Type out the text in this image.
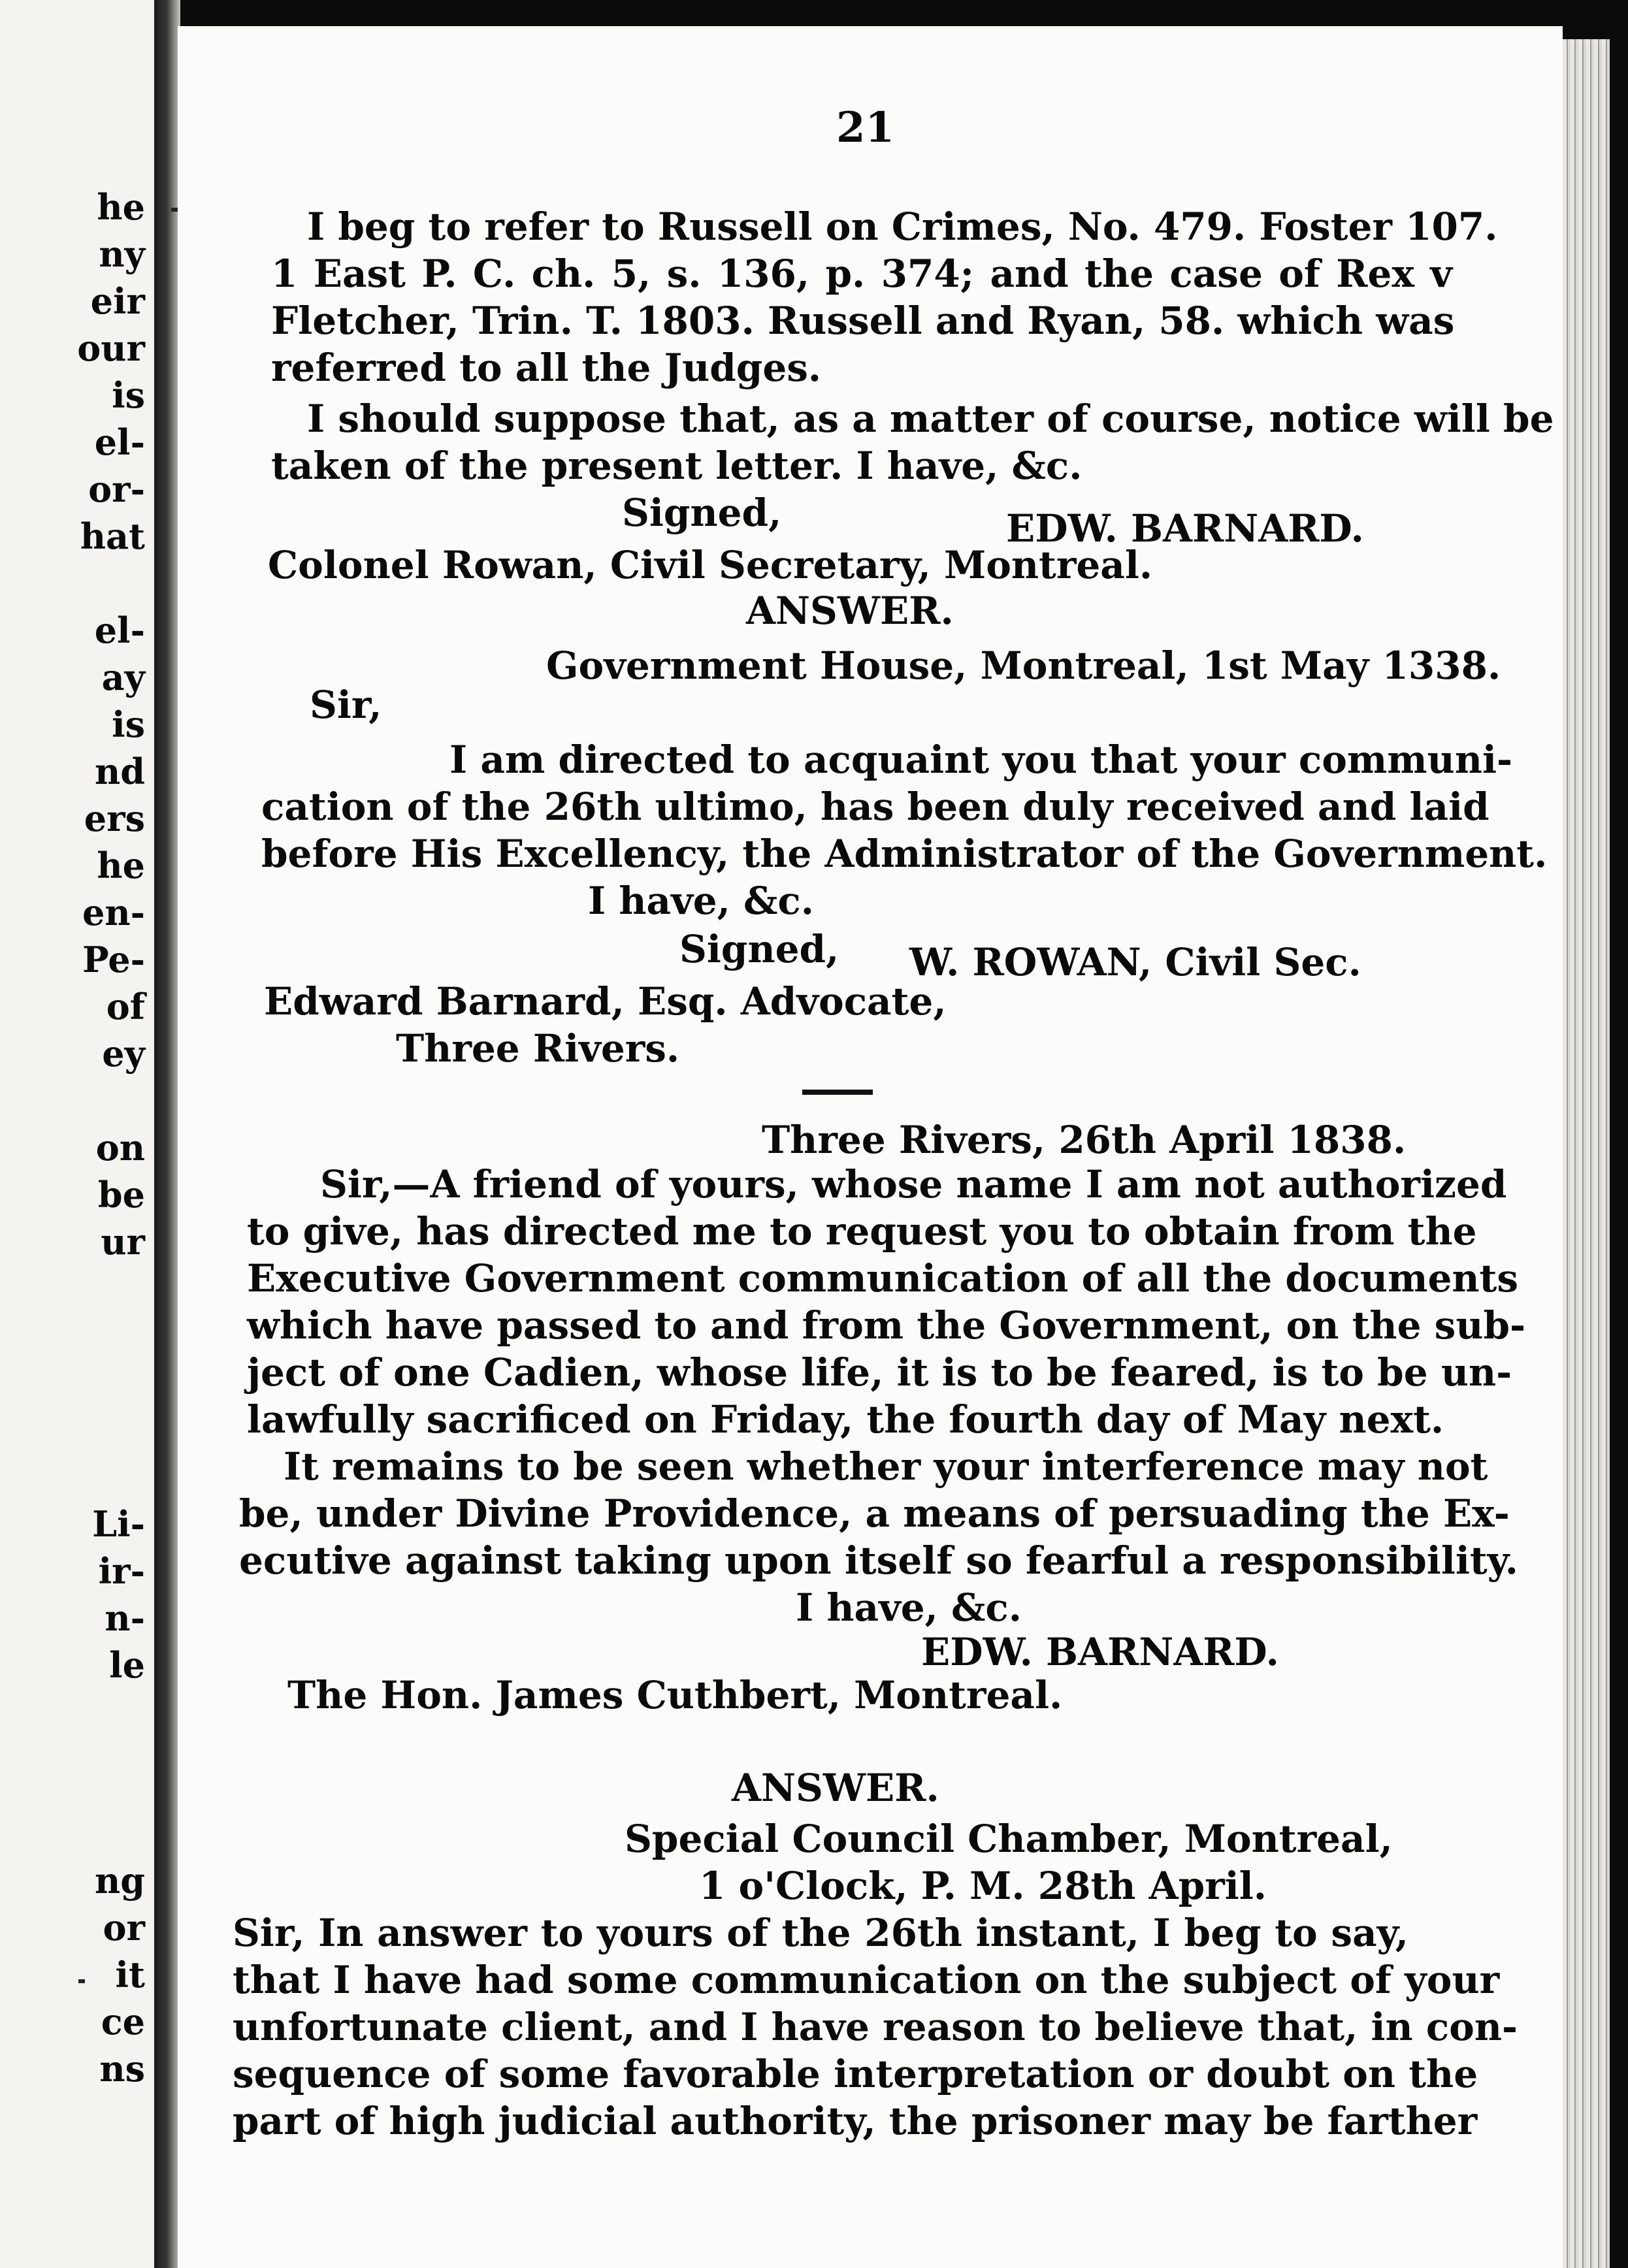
he

ny

eir

our

is

el-

or-

hat

el-

ay

is

nd

ers

he

en-

Pe-

of

ey

on

be

ur

Li-

ir-

n-

le

ng

or

it

ce

ns

21

I beg to refer to Russell on Crimes, No. 479. Foster 107.

1 East P. C. ch. 5, s. 136, p. 374; and the case of Rex v

Fletcher, Trin. T. 1803. Russell and Ryan, 58. which was

referred to all the Judges.

I should suppose that, as a matter of course, notice will be

taken of the present letter. I have, &c.

Signed,	EDW. BARNARD.

Colonel Rowan, Civil Secretary, Montreal.

ANSWER.

Government House, Montreal, 1st May 1338.

Sir,

I am directed to acquaint you that your communi-

cation of the 26th ultimo, has been duly received and laid

before His Excellency, the Administrator of the Government.

I have, &c.

Signed, W. ROWAN, Civil Sec.

Edward Barnard, Esq. Advocate,

Three Rivers.

Three Rivers, 26th April 1838.

Sir,—A friend of yours, whose name I am not authorized

to give, has directed me to request you to obtain from the

Executive Government communication of all the documents

which have passed to and from the Government, on the sub-

ject of one Cadien, whose life, it is to be feared, is to be un-

lawfully sacrificed on Friday, the fourth day of May next.

It remains to be seen whether your interference may not

be, under Divine Providence, a means of persuading the Ex-

ecutive against taking upon itself so fearful a responsibility.

I have, &c.

EDW. BARNARD.

The Hon. James Cuthbert, Montreal.

ANSWER.

Special Council Chamber, Montreal,

1 o'Clock, P. M. 28th April.

Sir, In answer to yours of the 26th instant, I beg to say,

that I have had some communication on the subject of your

unfortunate client, and I have reason to believe that, in con-

sequence of some favorable interpretation or doubt on the

part of high judicial authority, the prisoner may be farther
